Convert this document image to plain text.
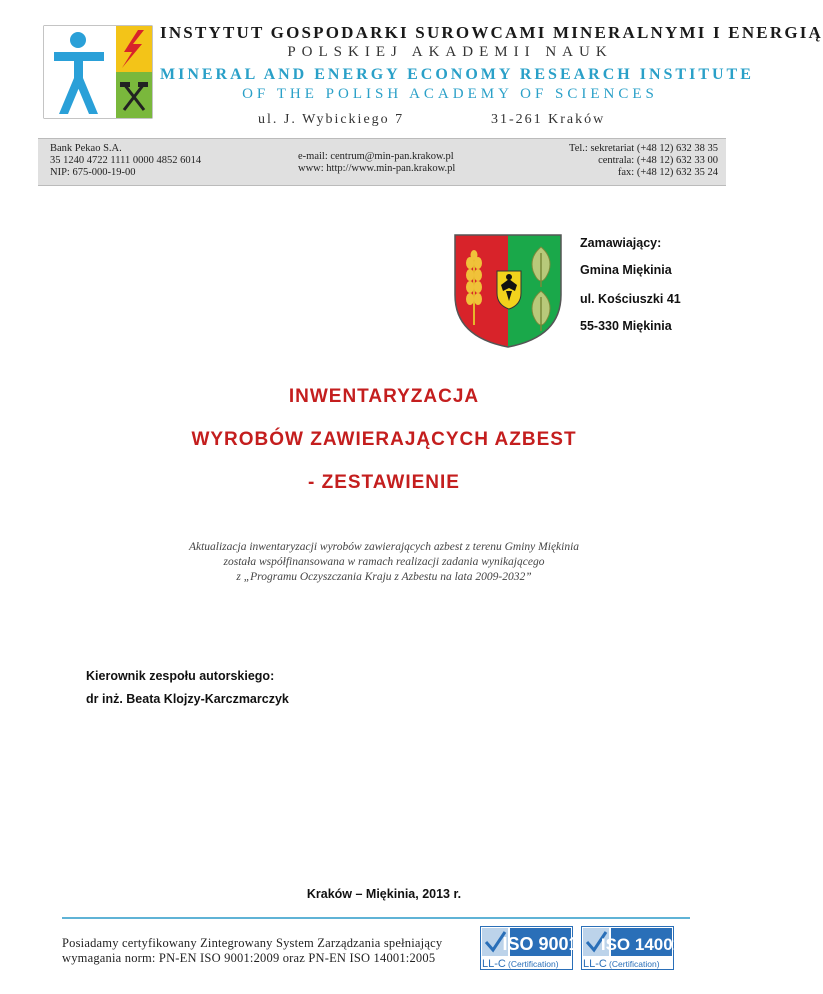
INSTYTUT GOSPODARKI SUROWCAMI MINERALNYMI I ENERGIĄ
POLSKIEJ AKADEMII NAUK
MINERAL AND ENERGY ECONOMY RESEARCH INSTITUTE
OF THE POLISH ACADEMY OF SCIENCES
ul. J. Wybickiego 7	31-261 Kraków
Bank Pekao S.A.
35 1240 4722 1111 0000 4852 6014
NIP: 675-000-19-00
e-mail: centrum@min-pan.krakow.pl
www: http://www.min-pan.krakow.pl
Tel.: sekretariat (+48 12) 632 38 35
centrala: (+48 12) 632 33 00
fax: (+48 12) 632 35 24
Zamawiający:
Gmina Miękinia
ul. Kościuszki 41
55-330 Miękinia
INWENTARYZACJA
WYROBÓW ZAWIERAJĄCYCH AZBEST
- ZESTAWIENIE
Aktualizacja inwentaryzacji wyrobów zawierających azbest z terenu Gminy Miękinia
została współfinansowana w ramach realizacji zadania wynikającego
z „Programu Oczyszczania Kraju z Azbestu na lata 2009-2032”
Kierownik zespołu autorskiego:
dr inż. Beata Klojzy-Karczmarczyk
Kraków – Miękinia, 2013 r.
Posiadamy certyfikowany Zintegrowany System Zarządzania spełniający
wymagania norm: PN-EN ISO 9001:2009 oraz PN-EN ISO 14001:2005
ISO 9001
LL-C (Certification)
ISO 14001
LL-C (Certification)
